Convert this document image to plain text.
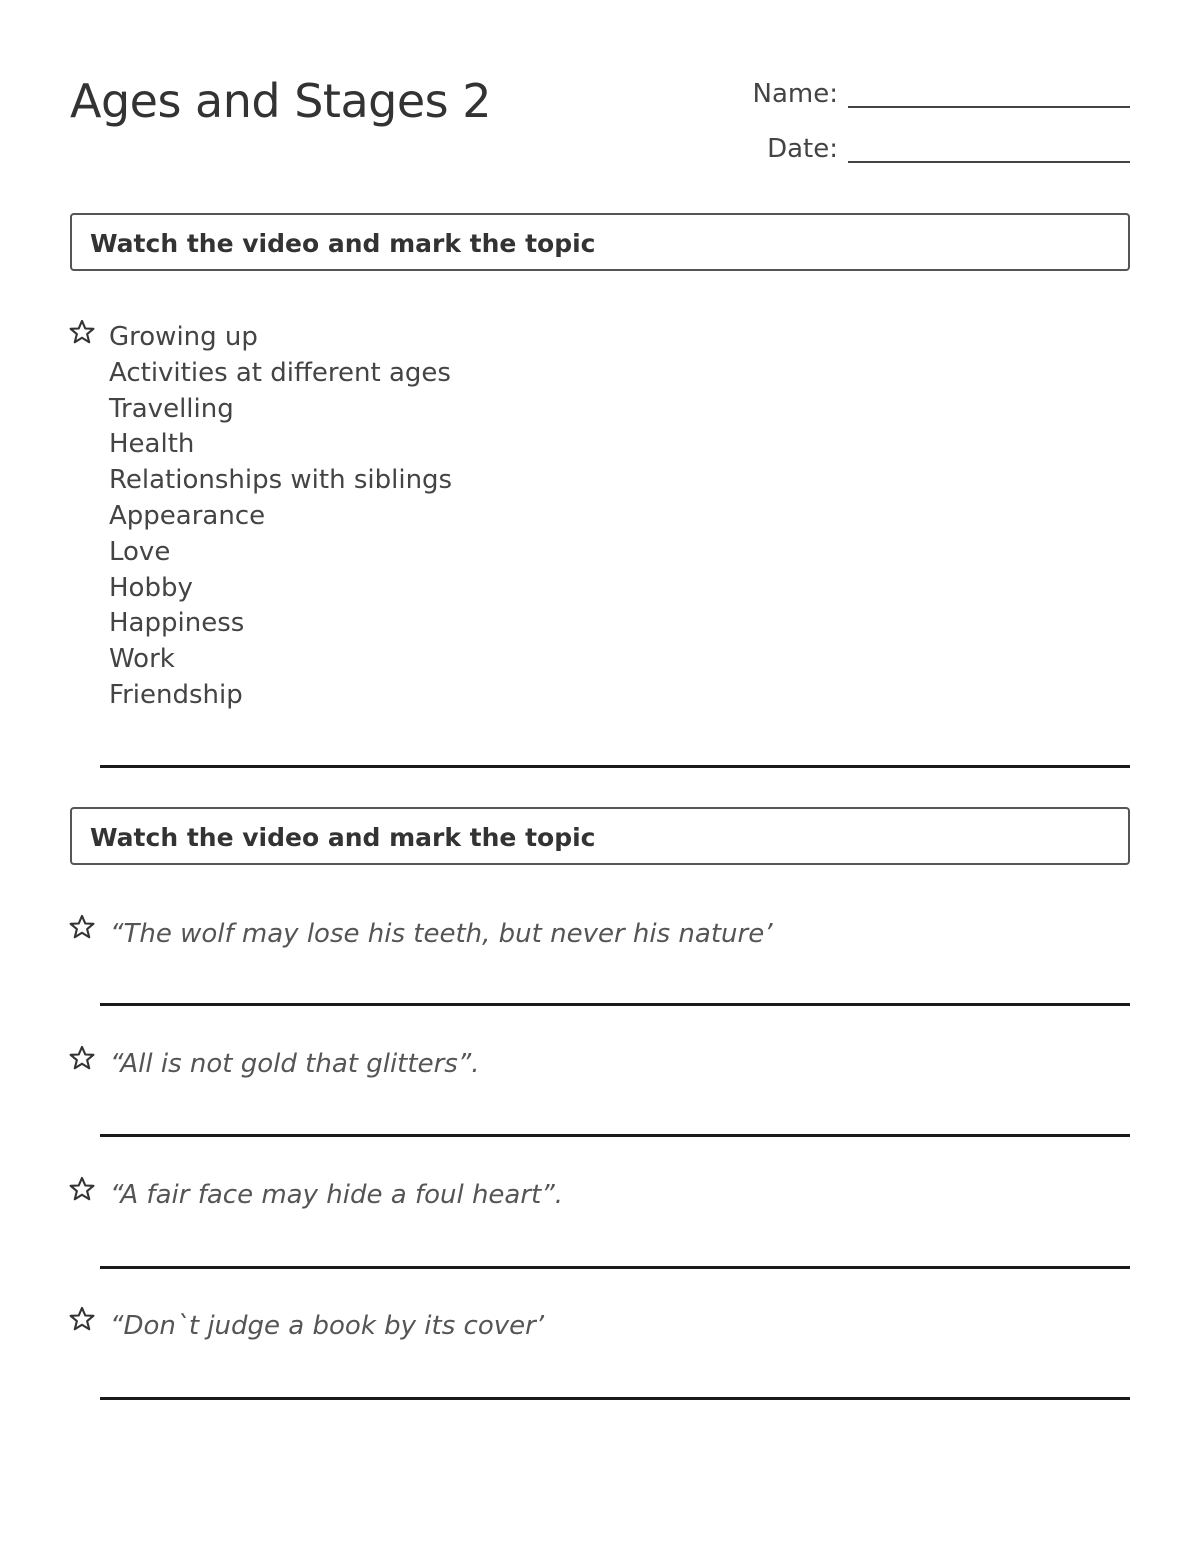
Ages and Stages 2	Name:
Date:
Watch the video and mark the topic
Growing up
Activities at different ages
Travelling
Health
Relationships with siblings
Appearance
Love
Hobby
Happiness
Work
Friendship
Watch the video and mark the topic
“The wolf may lose his teeth, but never his nature’
“All is not gold that glitters”.
“A fair face may hide a foul heart”.
“Don`t judge a book by its cover’
